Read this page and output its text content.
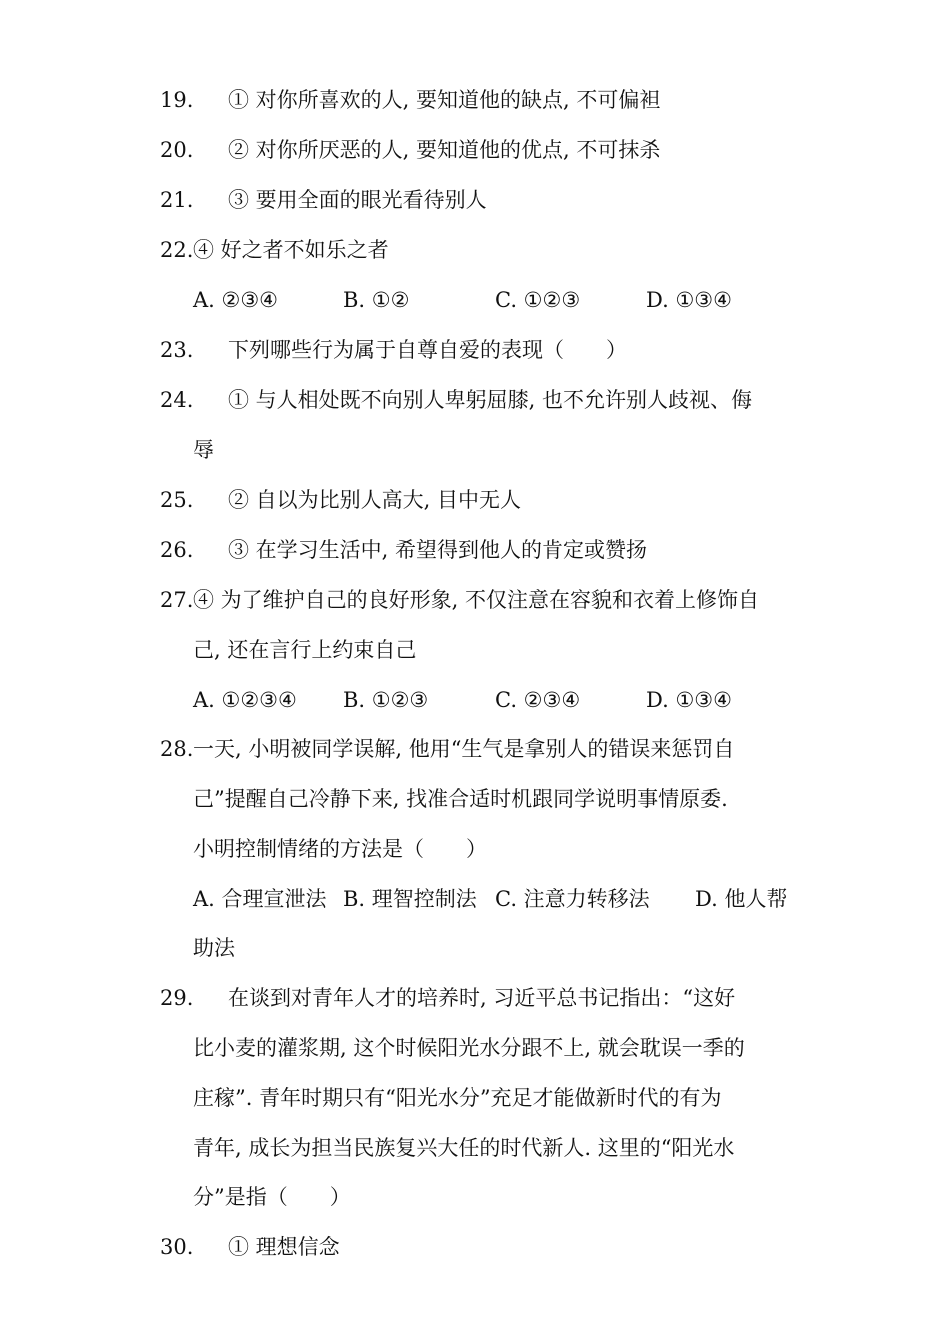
19. ① 对你所喜欢的人, 要知道他的缺点, 不可偏袒
20. ② 对你所厌恶的人, 要知道他的优点, 不可抹杀
21. ③ 要用全面的眼光看待别人
22. ④ 好之者不如乐之者
A. ②③④	B. ①②	C. ①②③	D. ①③④
23. 下列哪些行为属于自尊自爱的表现（　　）
24. ① 与人相处既不向别人卑躬屈膝, 也不允许别人歧视、侮
辱
25. ② 自以为比别人高大, 目中无人
26. ③ 在学习生活中, 希望得到他人的肯定或赞扬
27. ④ 为了维护自己的良好形象, 不仅注意在容貌和衣着上修饰自
己, 还在言行上约束自己
A. ①②③④ B. ①②③	C. ②③④	D. ①③④
28. 一天, 小明被同学误解, 他用“生气是拿别人的错误来惩罚自
己”提醒自己冷静下来, 找准合适时机跟同学说明事情原委.
小明控制情绪的方法是（　　）
A. 合理宣泄法 B. 理智控制法 C. 注意力转移法 D. 他人帮
助法
29. 在谈到对青年人才的培养时, 习近平总书记指出：“这好
比小麦的灌浆期, 这个时候阳光水分跟不上, 就会耽误一季的
庄稼”. 青年时期只有“阳光水分”充足才能做新时代的有为
青年, 成长为担当民族复兴大任的时代新人. 这里的“阳光水
分”是指（　　）
30. ① 理想信念
